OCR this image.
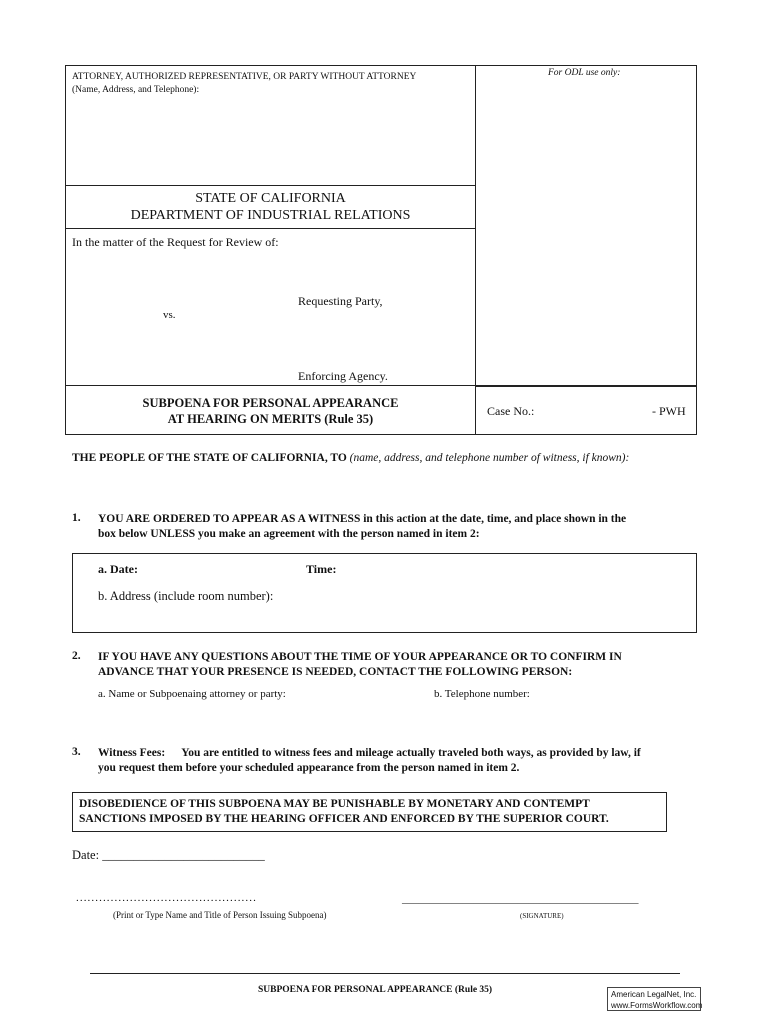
ATTORNEY, AUTHORIZED REPRESENTATIVE, OR PARTY WITHOUT ATTORNEY
(Name, Address, and Telephone):
For ODL use only:
STATE OF CALIFORNIA
DEPARTMENT OF INDUSTRIAL RELATIONS
In the matter of the Request for Review of:
Requesting Party,
vs.
Enforcing Agency.
SUBPOENA FOR PERSONAL APPEARANCE
AT HEARING ON MERITS (Rule 35)
Case No.:	- PWH
THE PEOPLE OF THE STATE OF CALIFORNIA, TO (name, address, and telephone number of witness, if known):
1. YOU ARE ORDERED TO APPEAR AS A WITNESS in this action at the date, time, and place shown in the
box below UNLESS you make an agreement with the person named in item 2:
a. Date:	Time:
b. Address (include room number):
2. IF YOU HAVE ANY QUESTIONS ABOUT THE TIME OF YOUR APPEARANCE OR TO CONFIRM IN
ADVANCE THAT YOUR PRESENCE IS NEEDED, CONTACT THE FOLLOWING PERSON:
a. Name or Subpoenaing attorney or party:	b. Telephone number:
3. Witness Fees: You are entitled to witness fees and mileage actually traveled both ways, as provided by law, if
you request them before your scheduled appearance from the person named in item 2.
DISOBEDIENCE OF THIS SUBPOENA MAY BE PUNISHABLE BY MONETARY AND CONTEMPT
SANCTIONS IMPOSED BY THE HEARING OFFICER AND ENFORCED BY THE SUPERIOR COURT.
Date: __________________________
...............................................
(Print or Type Name and Title of Person Issuing Subpoena)
___________________________________________
(SIGNATURE)
SUBPOENA FOR PERSONAL APPEARANCE (Rule 35)	American LegalNet, Inc.
www.FormsWorkflow.com
